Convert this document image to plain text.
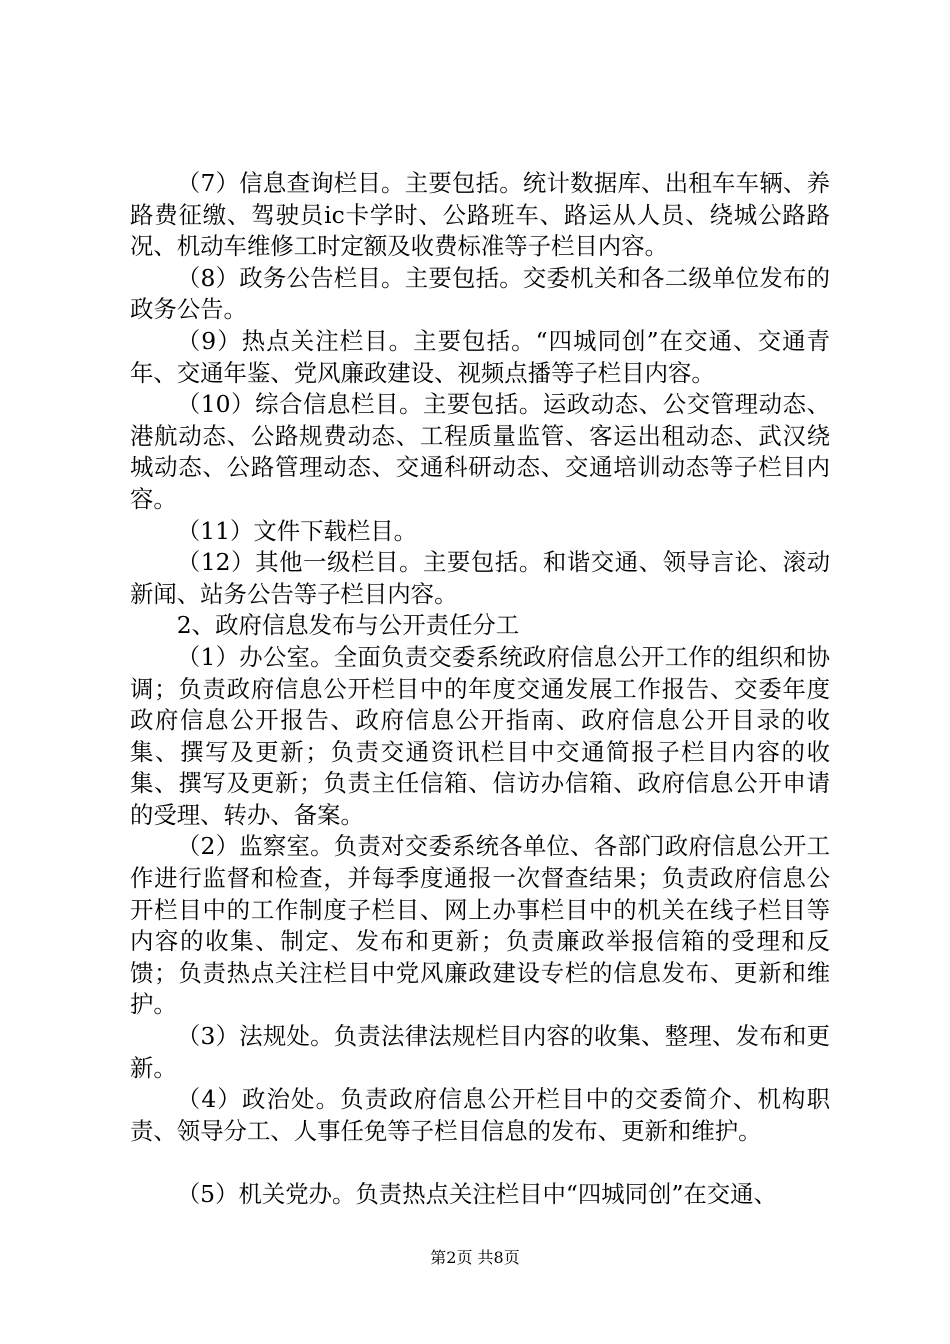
（7）信息查询栏目。主要包括。统计数据库、出租车车辆、养路费征缴、驾驶员ic卡学时、公路班车、路运从人员、绕城公路路况、机动车维修工时定额及收费标准等子栏目内容。

（8）政务公告栏目。主要包括。交委机关和各二级单位发布的政务公告。

（9）热点关注栏目。主要包括。“四城同创”在交通、交通青年、交通年鉴、党风廉政建设、视频点播等子栏目内容。

（10）综合信息栏目。主要包括。运政动态、公交管理动态、港航动态、公路规费动态、工程质量监管、客运出租动态、武汉绕城动态、公路管理动态、交通科研动态、交通培训动态等子栏目内容。

（11）文件下载栏目。

（12）其他一级栏目。主要包括。和谐交通、领导言论、滚动新闻、站务公告等子栏目内容。

2、政府信息发布与公开责任分工

（1）办公室。全面负责交委系统政府信息公开工作的组织和协调；负责政府信息公开栏目中的年度交通发展工作报告、交委年度政府信息公开报告、政府信息公开指南、政府信息公开目录的收集、撰写及更新；负责交通资讯栏目中交通简报子栏目内容的收集、撰写及更新；负责主任信箱、信访办信箱、政府信息公开申请的受理、转办、备案。

（2）监察室。负责对交委系统各单位、各部门政府信息公开工作进行监督和检查，并每季度通报一次督查结果；负责政府信息公开栏目中的工作制度子栏目、网上办事栏目中的机关在线子栏目等内容的收集、制定、发布和更新；负责廉政举报信箱的受理和反馈；负责热点关注栏目中党风廉政建设专栏的信息发布、更新和维护。

（3）法规处。负责法律法规栏目内容的收集、整理、发布和更新。

（4）政治处。负责政府信息公开栏目中的交委简介、机构职责、领导分工、人事任免等子栏目信息的发布、更新和维护。

（5）机关党办。负责热点关注栏目中“四城同创”在交通、

第2页 共8页
